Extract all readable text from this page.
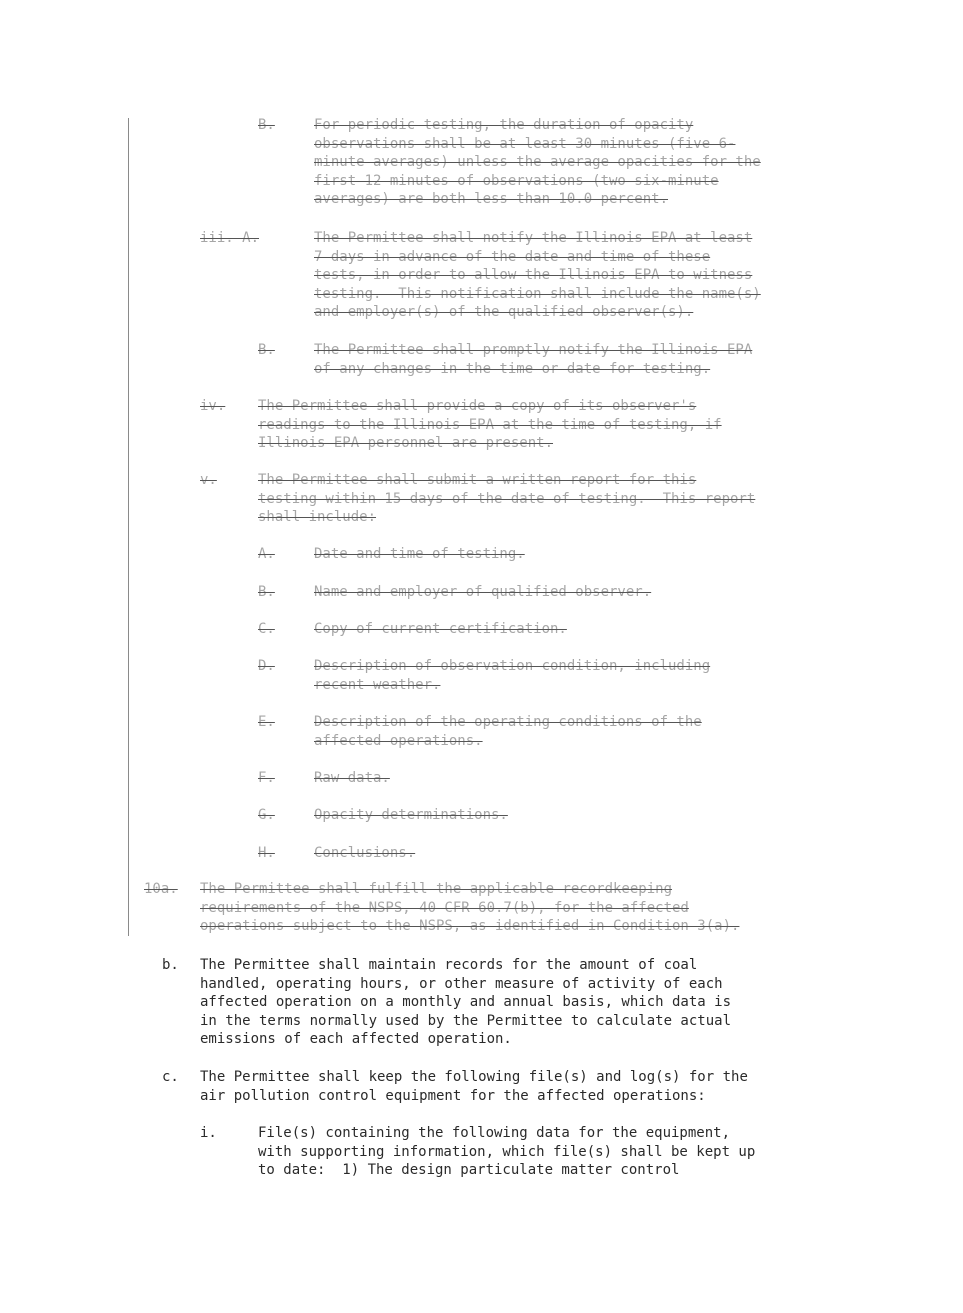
B.	For periodic testing, the duration of opacity
observations shall be at least 30 minutes (five 6-
minute averages) unless the average opacities for the
first 12 minutes of observations (two six-minute
averages) are both less than 10.0 percent.
iii. A.	The Permittee shall notify the Illinois EPA at least
7 days in advance of the date and time of these
tests, in order to allow the Illinois EPA to witness
testing.  This notification shall include the name(s)
and employer(s) of the qualified observer(s).
B.	The Permittee shall promptly notify the Illinois EPA
of any changes in the time or date for testing.
iv. The Permittee shall provide a copy of its observer's
readings to the Illinois EPA at the time of testing, if
Illinois EPA personnel are present.
v.	The Permittee shall submit a written report for this
testing within 15 days of the date of testing.  This report
shall include:
A.	Date and time of testing.
B.	Name and employer of qualified observer.
C.	Copy of current certification.
D.	Description of observation condition, including
recent weather.
E.	Description of the operating conditions of the
affected operations.
F.	Raw data.
G.	Opacity determinations.
H.	Conclusions.
10a. The Permittee shall fulfill the applicable recordkeeping
requirements of the NSPS, 40 CFR 60.7(b), for the affected
operations subject to the NSPS, as identified in Condition 3(a).
b. The Permittee shall maintain records for the amount of coal
handled, operating hours, or other measure of activity of each
affected operation on a monthly and annual basis, which data is
in the terms normally used by the Permittee to calculate actual
emissions of each affected operation.
c. The Permittee shall keep the following file(s) and log(s) for the
air pollution control equipment for the affected operations:
i.	File(s) containing the following data for the equipment,
with supporting information, which file(s) shall be kept up
to date:  1) The design particulate matter control
